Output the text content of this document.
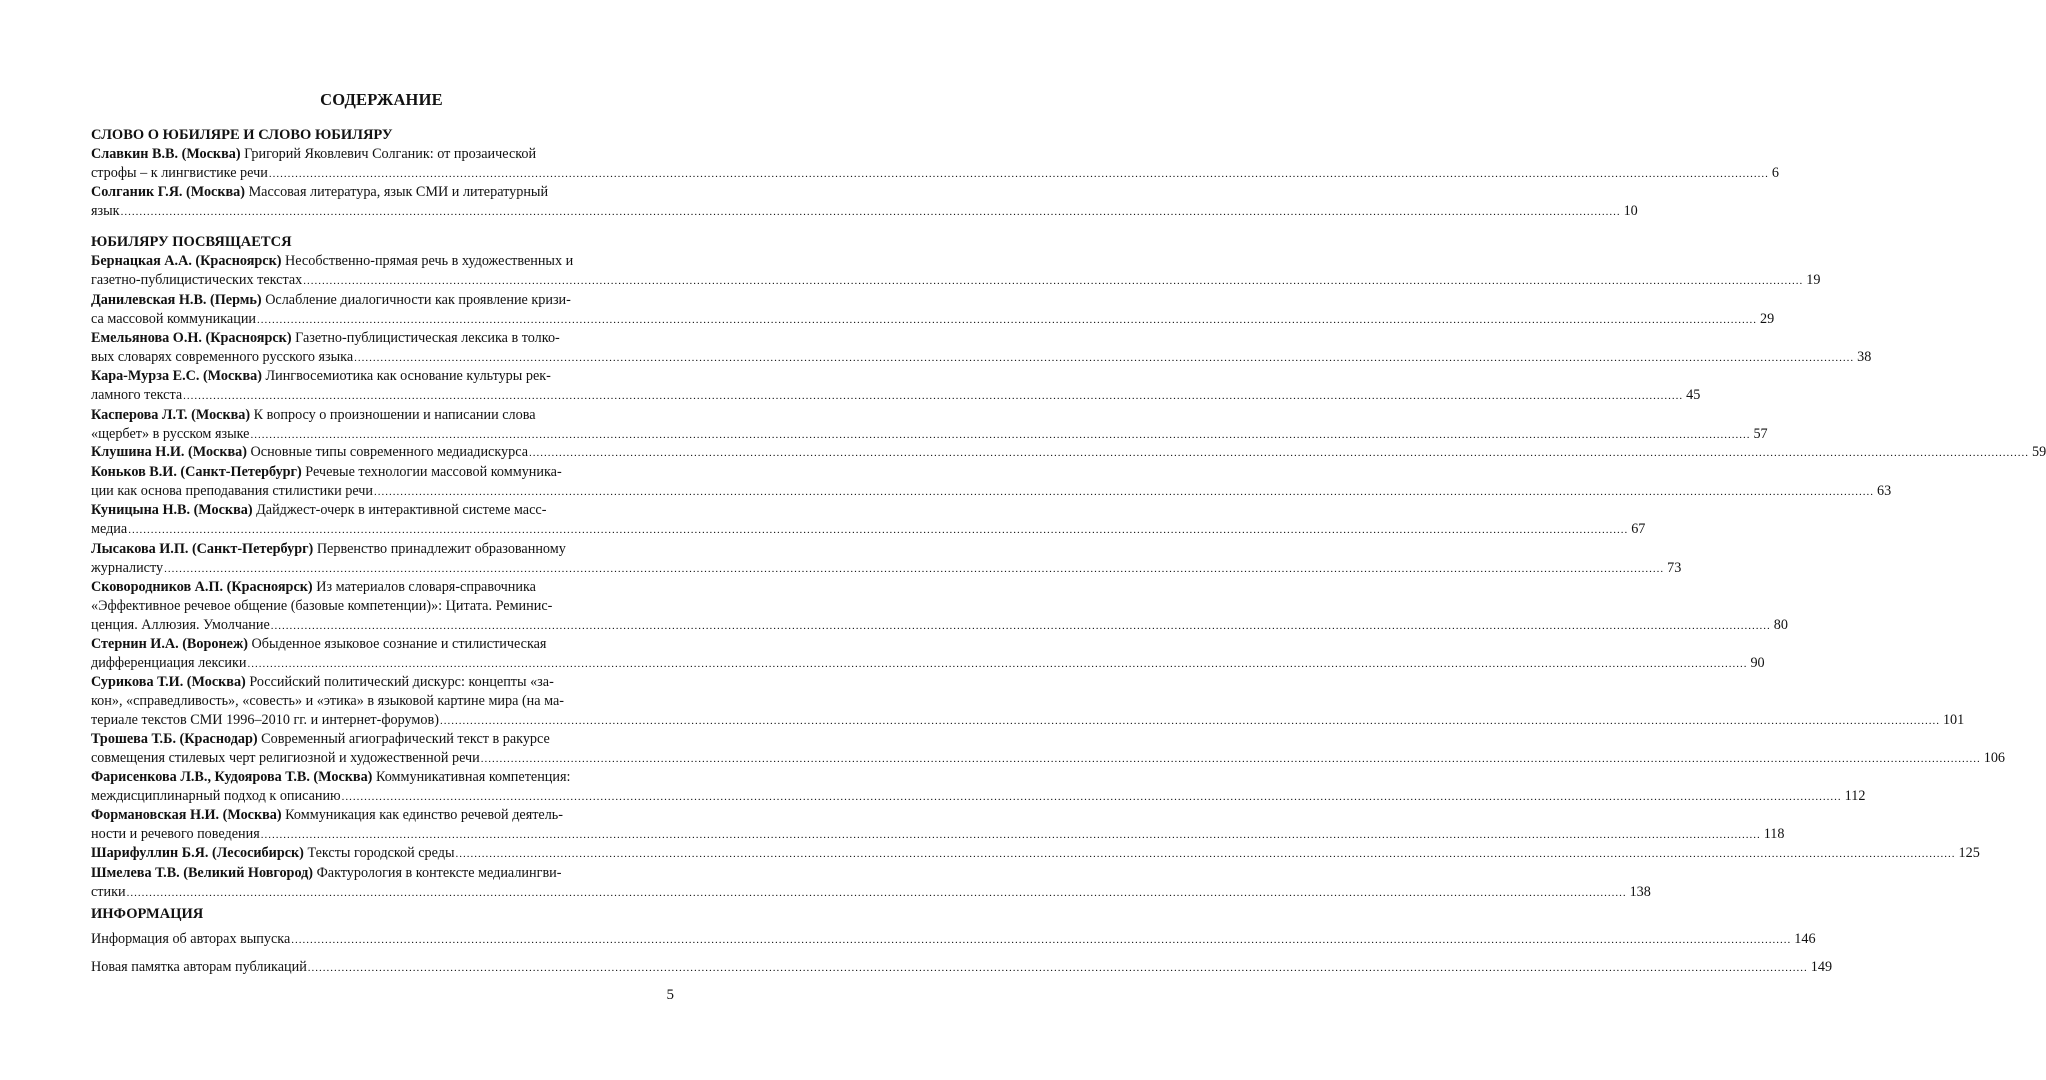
СОДЕРЖАНИЕ
СЛОВО О ЮБИЛЯРЕ И СЛОВО ЮБИЛЯРУ
ЮБИЛЯРУ ПОСВЯЩАЕТСЯ
ИНФОРМАЦИЯ
Славкин В.В. (Москва) Григорий Яковлевич Солганик: от прозаической
строфы – к лингвистике речи ................................................................................................................................................................................................................................................................................................................................................................................................................ 6
Солганик Г.Я. (Москва) Массовая литература, язык СМИ и литературный
язык ................................................................................................................................................................................................................................................................................................................................................................................................................ 10
Бернацкая А.А. (Красноярск) Несобственно-прямая речь в художественных и
газетно-публицистических текстах ................................................................................................................................................................................................................................................................................................................................................................................................................ 19
Данилевская Н.В. (Пермь) Ослабление диалогичности как проявление кризи-
са массовой коммуникации ................................................................................................................................................................................................................................................................................................................................................................................................................ 29
Емельянова О.Н. (Красноярск) Газетно-публицистическая лексика в толко-
вых словарях современного русского языка ................................................................................................................................................................................................................................................................................................................................................................................................................ 38
Кара-Мурза Е.С. (Москва) Лингвосемиотика как основание культуры рек-
ламного текста ................................................................................................................................................................................................................................................................................................................................................................................................................ 45
Касперова Л.Т. (Москва) К вопросу о произношении и написании слова
«щербет» в русском языке ................................................................................................................................................................................................................................................................................................................................................................................................................ 57
Клушина Н.И. (Москва) Основные типы современного медиадискурса ................................................................................................................................................................................................................................................................................................................................................................................................................ 59
Коньков В.И. (Санкт-Петербург) Речевые технологии массовой коммуника-
ции как основа преподавания стилистики речи ................................................................................................................................................................................................................................................................................................................................................................................................................ 63
Куницына Н.В. (Москва) Дайджест-очерк в интерактивной системе масс-
медиа ................................................................................................................................................................................................................................................................................................................................................................................................................ 67
Лысакова И.П. (Санкт-Петербург) Первенство принадлежит образованному
журналисту ................................................................................................................................................................................................................................................................................................................................................................................................................ 73
Сковородников А.П. (Красноярск) Из материалов словаря-справочника
«Эффективное речевое общение (базовые компетенции)»: Цитата. Реминис-
ценция. Аллюзия. Умолчание ................................................................................................................................................................................................................................................................................................................................................................................................................ 80
Стернин И.А. (Воронеж) Обыденное языковое сознание и стилистическая
дифференциация лексики ................................................................................................................................................................................................................................................................................................................................................................................................................ 90
Сурикова Т.И. (Москва) Российский политический дискурс: концепты «за-
кон», «справедливость», «совесть» и «этика» в языковой картине мира (на ма-
териале текстов СМИ 1996–2010 гг. и интернет-форумов) ................................................................................................................................................................................................................................................................................................................................................................................................................ 101
Трошева Т.Б. (Краснодар) Современный агиографический текст в ракурсе
совмещения стилевых черт религиозной и художественной речи ................................................................................................................................................................................................................................................................................................................................................................................................................ 106
Фарисенкова Л.В., Кудоярова Т.В. (Москва) Коммуникативная компетенция:
междисциплинарный подход к описанию ................................................................................................................................................................................................................................................................................................................................................................................................................ 112
Формановская Н.И. (Москва) Коммуникация как единство речевой деятель-
ности и речевого поведения ................................................................................................................................................................................................................................................................................................................................................................................................................ 118
Шарифуллин Б.Я. (Лесосибирск) Тексты городской среды ................................................................................................................................................................................................................................................................................................................................................................................................................ 125
Шмелева Т.В. (Великий Новгород) Фактурология в контексте медиалингви-
стики ................................................................................................................................................................................................................................................................................................................................................................................................................ 138
Информация об авторах выпуска ................................................................................................................................................................................................................................................................................................................................................................................................................ 146
Новая памятка авторам публикаций ................................................................................................................................................................................................................................................................................................................................................................................................................ 149
5
